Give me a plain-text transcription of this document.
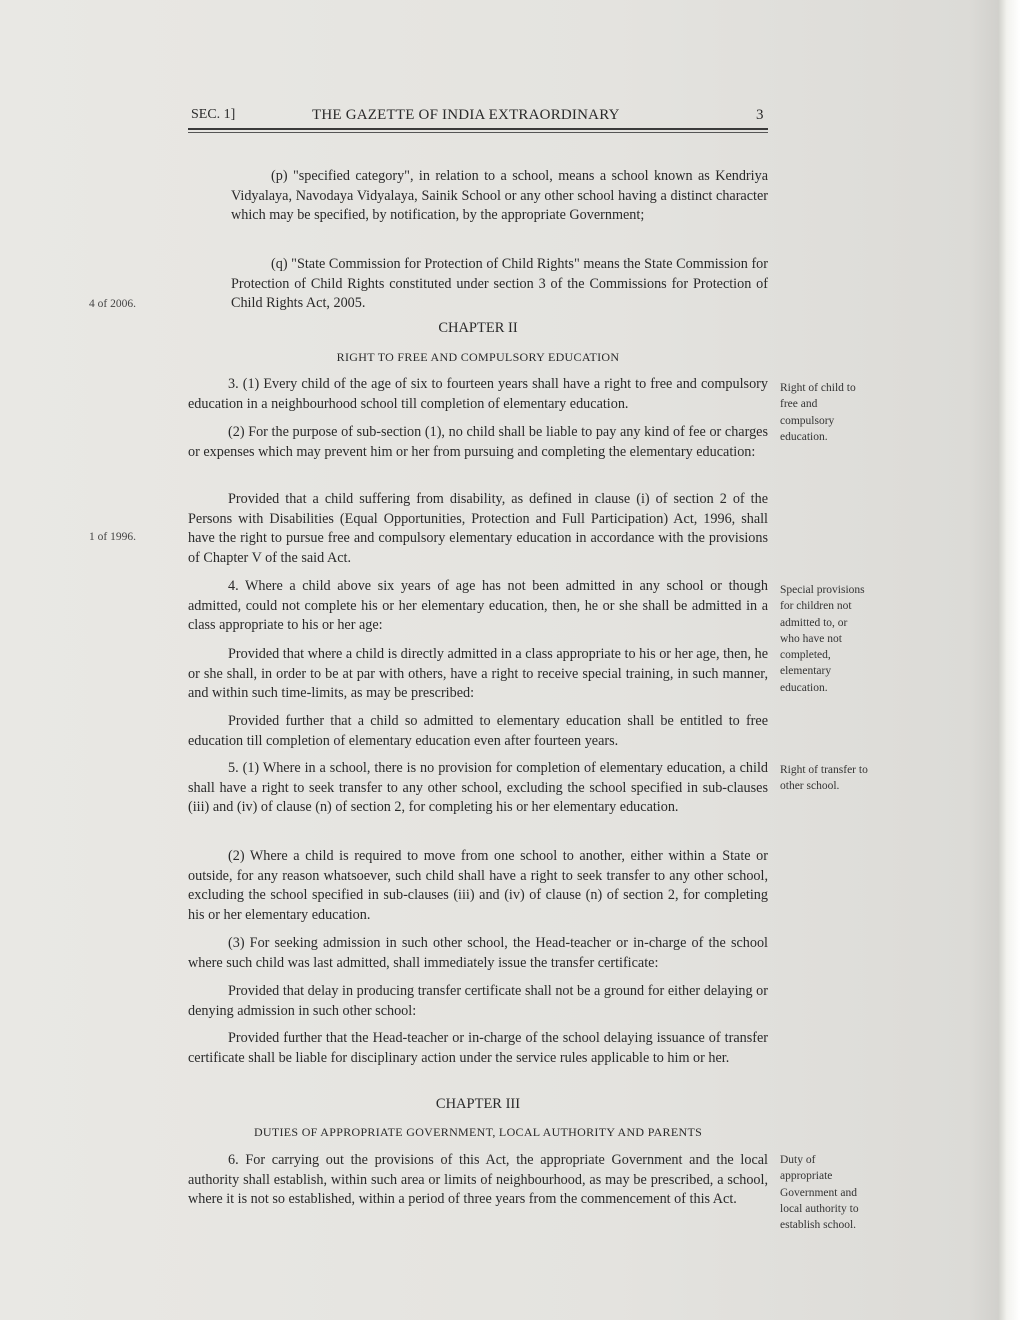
SEC. 1]	THE GAZETTE OF INDIA EXTRAORDINARY	3
(p) "specified category", in relation to a school, means a school known as Kendriya Vidyalaya, Navodaya Vidyalaya, Sainik School or any other school having a distinct character which may be specified, by notification, by the appropriate Government;
(q) "State Commission for Protection of Child Rights" means the State Commission for Protection of Child Rights constituted under section 3 of the Commissions for Protection of Child Rights Act, 2005.
4 of 2006.
CHAPTER II
RIGHT TO FREE AND COMPULSORY EDUCATION
3. (1) Every child of the age of six to fourteen years shall have a right to free and compulsory education in a neighbourhood school till completion of elementary education.
Right of child to free and compulsory education.
(2) For the purpose of sub-section (1), no child shall be liable to pay any kind of fee or charges or expenses which may prevent him or her from pursuing and completing the elementary education:
Provided that a child suffering from disability, as defined in clause (i) of section 2 of the Persons with Disabilities (Equal Opportunities, Protection and Full Participation) Act, 1996, shall have the right to pursue free and compulsory elementary education in accordance with the provisions of Chapter V of the said Act.
1 of 1996.
4. Where a child above six years of age has not been admitted in any school or though admitted, could not complete his or her elementary education, then, he or she shall be admitted in a class appropriate to his or her age:
Special provisions for children not admitted to, or who have not completed, elementary education.
Provided that where a child is directly admitted in a class appropriate to his or her age, then, he or she shall, in order to be at par with others, have a right to receive special training, in such manner, and within such time-limits, as may be prescribed:
Provided further that a child so admitted to elementary education shall be entitled to free education till completion of elementary education even after fourteen years.
5. (1) Where in a school, there is no provision for completion of elementary education, a child shall have a right to seek transfer to any other school, excluding the school specified in sub-clauses (iii) and (iv) of clause (n) of section 2, for completing his or her elementary education.
Right of transfer to other school.
(2) Where a child is required to move from one school to another, either within a State or outside, for any reason whatsoever, such child shall have a right to seek transfer to any other school, excluding the school specified in sub-clauses (iii) and (iv) of clause (n) of section 2, for completing his or her elementary education.
(3) For seeking admission in such other school, the Head-teacher or in-charge of the school where such child was last admitted, shall immediately issue the transfer certificate:
Provided that delay in producing transfer certificate shall not be a ground for either delaying or denying admission in such other school:
Provided further that the Head-teacher or in-charge of the school delaying issuance of transfer certificate shall be liable for disciplinary action under the service rules applicable to him or her.
CHAPTER III
DUTIES OF APPROPRIATE GOVERNMENT, LOCAL AUTHORITY AND PARENTS
6. For carrying out the provisions of this Act, the appropriate Government and the local authority shall establish, within such area or limits of neighbourhood, as may be prescribed, a school, where it is not so established, within a period of three years from the commencement of this Act.
Duty of appropriate Government and local authority to establish school.
